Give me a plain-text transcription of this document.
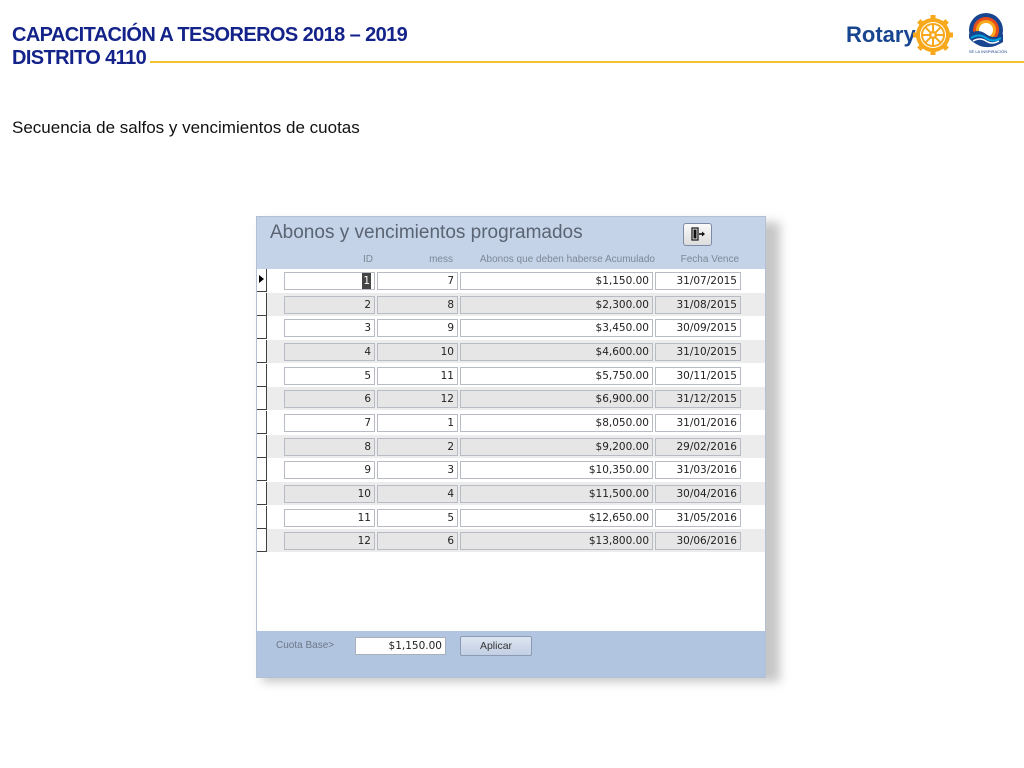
CAPACITACIÓN A TESOREROS 2018 – 2019
DISTRITO 4110
Rotary
SÉ LA INSPIRACIÓN
Secuencia de salfos y vencimientos de cuotas
Abonos y vencimientos programados
ID	mess	Abonos que deben haberse Acumulado	Fecha Vence
1	7	$1,150.00	31/07/2015
2	8	$2,300.00	31/08/2015
3	9	$3,450.00	30/09/2015
4	10	$4,600.00	31/10/2015
5	11	$5,750.00	30/11/2015
6	12	$6,900.00	31/12/2015
7	1	$8,050.00	31/01/2016
8	2	$9,200.00	29/02/2016
9	3	$10,350.00	31/03/2016
10	4	$11,500.00	30/04/2016
11	5	$12,650.00	31/05/2016
12	6	$13,800.00	30/06/2016
Cuota Base>	$1,150.00	Aplicar
